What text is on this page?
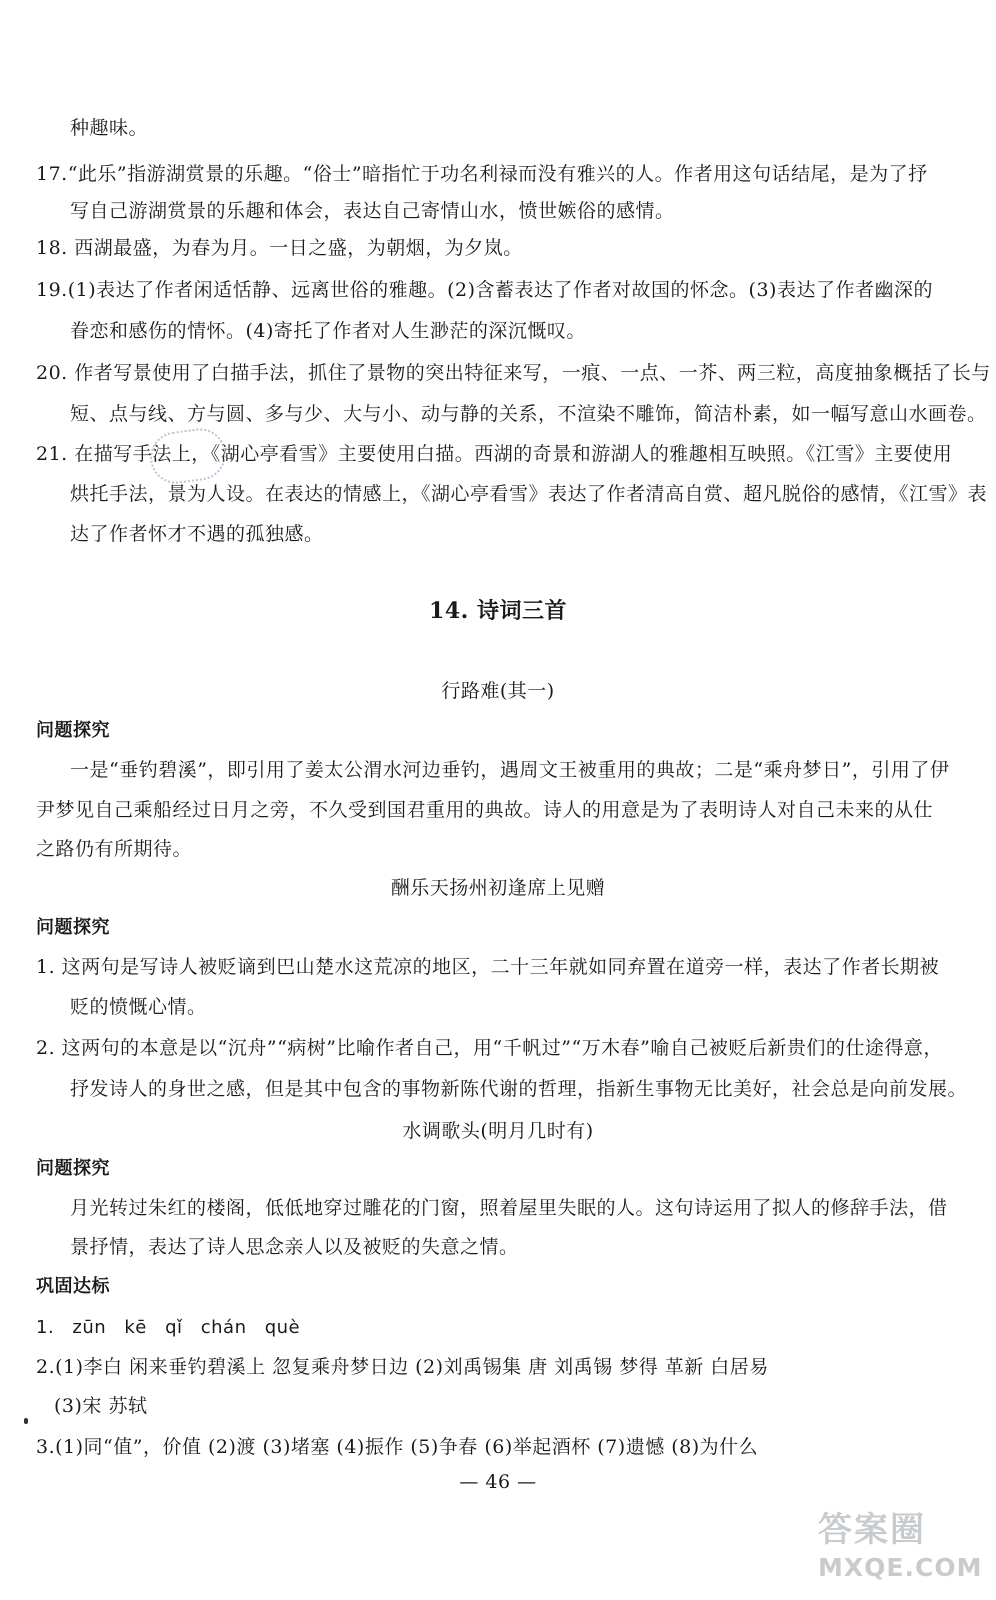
种趣味。
17.“此乐”指游湖赏景的乐趣。“俗士”暗指忙于功名利禄而没有雅兴的人。作者用这句话结尾，是为了抒
写自己游湖赏景的乐趣和体会，表达自己寄情山水，愤世嫉俗的感情。
18. 西湖最盛，为春为月。一日之盛，为朝烟，为夕岚。
19.(1)表达了作者闲适恬静、远离世俗的雅趣。(2)含蓄表达了作者对故国的怀念。(3)表达了作者幽深的
眷恋和感伤的情怀。(4)寄托了作者对人生渺茫的深沉慨叹。
20. 作者写景使用了白描手法，抓住了景物的突出特征来写，一痕、一点、一芥、两三粒，高度抽象概括了长与
短、点与线、方与圆、多与少、大与小、动与静的关系，不渲染不雕饰，简洁朴素，如一幅写意山水画卷。
21. 在描写手法上，《湖心亭看雪》主要使用白描。西湖的奇景和游湖人的雅趣相互映照。《江雪》主要使用
烘托手法，景为人设。在表达的情感上，《湖心亭看雪》表达了作者清高自赏、超凡脱俗的感情，《江雪》表
达了作者怀才不遇的孤独感。
14. 诗词三首
行路难(其一)
问题探究
一是“垂钓碧溪”，即引用了姜太公渭水河边垂钓，遇周文王被重用的典故；二是“乘舟梦日”，引用了伊
尹梦见自己乘船经过日月之旁，不久受到国君重用的典故。诗人的用意是为了表明诗人对自己未来的从仕
之路仍有所期待。
酬乐天扬州初逢席上见赠
问题探究
1. 这两句是写诗人被贬谪到巴山楚水这荒凉的地区，二十三年就如同弃置在道旁一样，表达了作者长期被
贬的愤慨心情。
2. 这两句的本意是以“沉舟”“病树”比喻作者自己，用“千帆过”“万木春”喻自己被贬后新贵们的仕途得意，
抒发诗人的身世之感，但是其中包含的事物新陈代谢的哲理，指新生事物无比美好，社会总是向前发展。
水调歌头(明月几时有)
问题探究
月光转过朱红的楼阁，低低地穿过雕花的门窗，照着屋里失眠的人。这句诗运用了拟人的修辞手法，借
景抒情，表达了诗人思念亲人以及被贬的失意之情。
巩固达标
1. zūn kē qǐ chán què
2.(1)李白 闲来垂钓碧溪上 忽复乘舟梦日边 (2)刘禹锡集 唐 刘禹锡 梦得 革新 白居易
(3)宋 苏轼
3.(1)同“值”，价值 (2)渡 (3)堵塞 (4)振作 (5)争春 (6)举起酒杯 (7)遗憾 (8)为什么
— 46 —
答案圈
MXQE.COM
